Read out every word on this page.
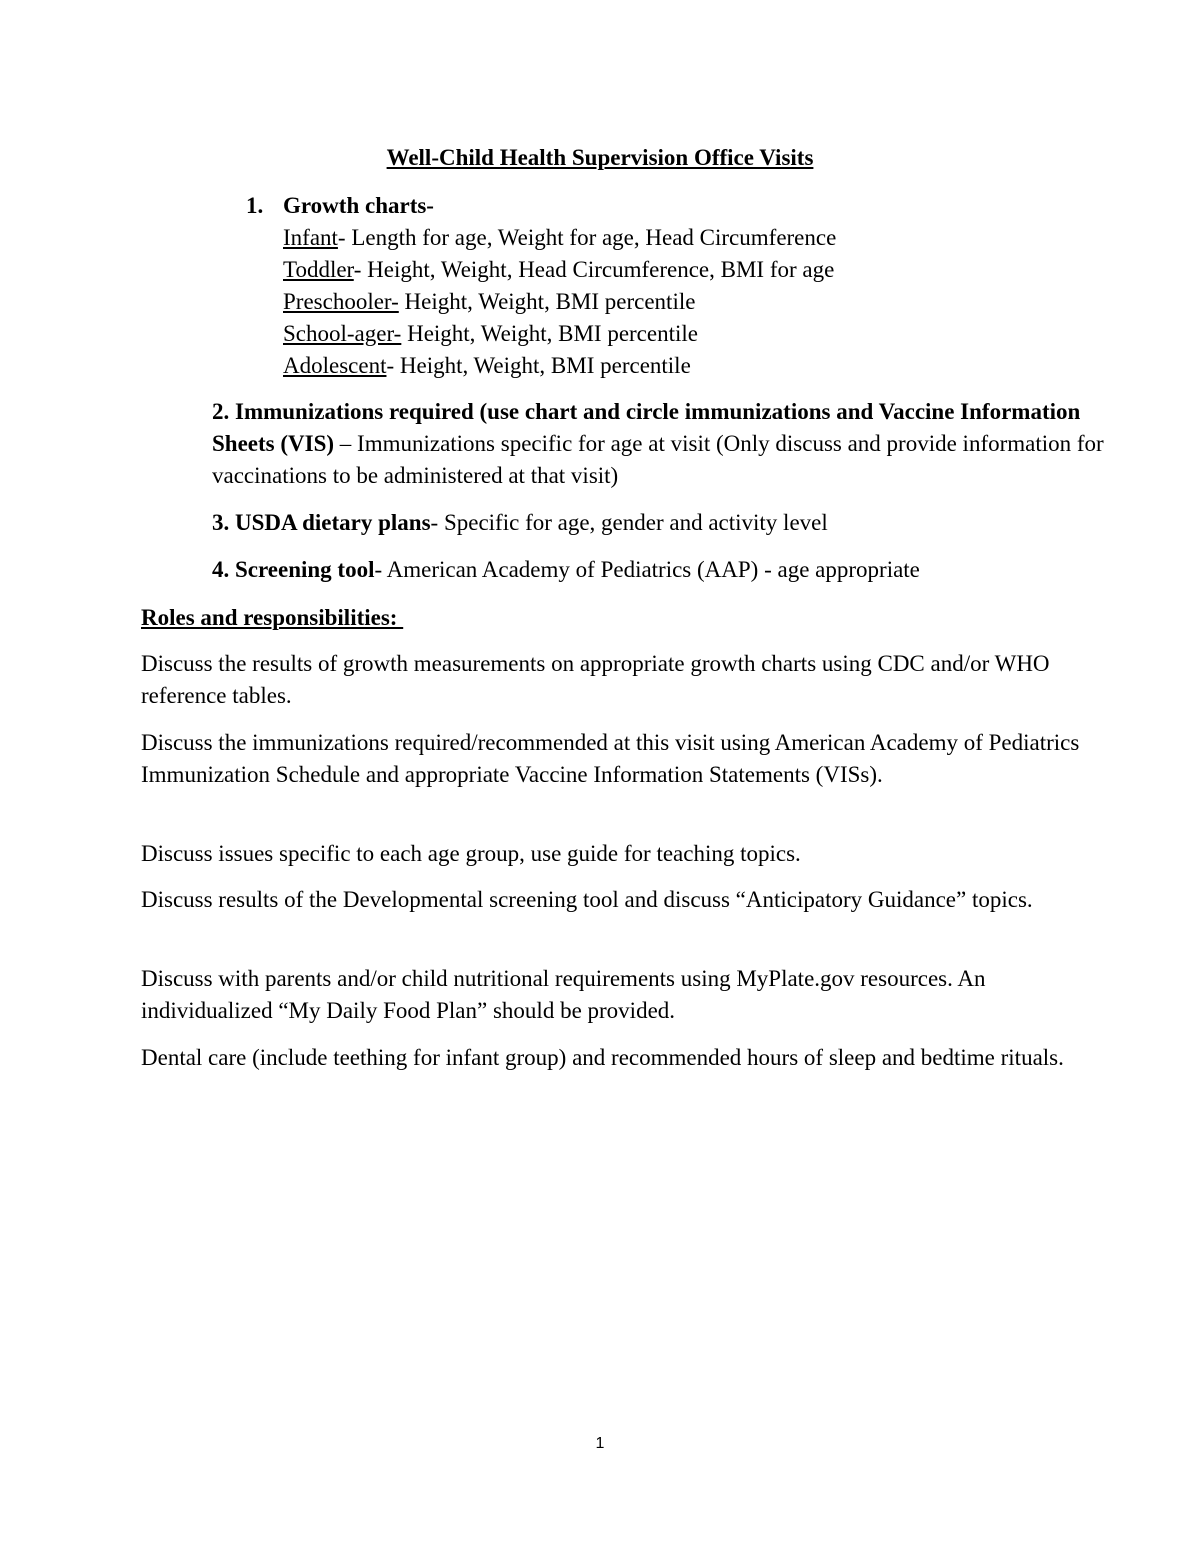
Well-Child Health Supervision Office Visits
1. Growth charts-
Infant- Length for age, Weight for age, Head Circumference
Toddler- Height, Weight, Head Circumference, BMI for age
Preschooler- Height, Weight, BMI percentile
School-ager- Height, Weight, BMI percentile
Adolescent- Height, Weight, BMI percentile
2. Immunizations required (use chart and circle immunizations and Vaccine Information Sheets (VIS) – Immunizations specific for age at visit (Only discuss and provide information for vaccinations to be administered at that visit)
3. USDA dietary plans- Specific for age, gender and activity level
4. Screening tool- American Academy of Pediatrics (AAP) - age appropriate
Roles and responsibilities:
Discuss the results of growth measurements on appropriate growth charts using CDC and/or WHO reference tables.
Discuss the immunizations required/recommended at this visit using American Academy of Pediatrics Immunization Schedule and appropriate Vaccine Information Statements (VISs).
Discuss issues specific to each age group, use guide for teaching topics.
Discuss results of the Developmental screening tool and discuss “Anticipatory Guidance” topics.
Discuss with parents and/or child nutritional requirements using MyPlate.gov resources. An individualized “My Daily Food Plan” should be provided.
Dental care (include teething for infant group) and recommended hours of sleep and bedtime rituals.
1
